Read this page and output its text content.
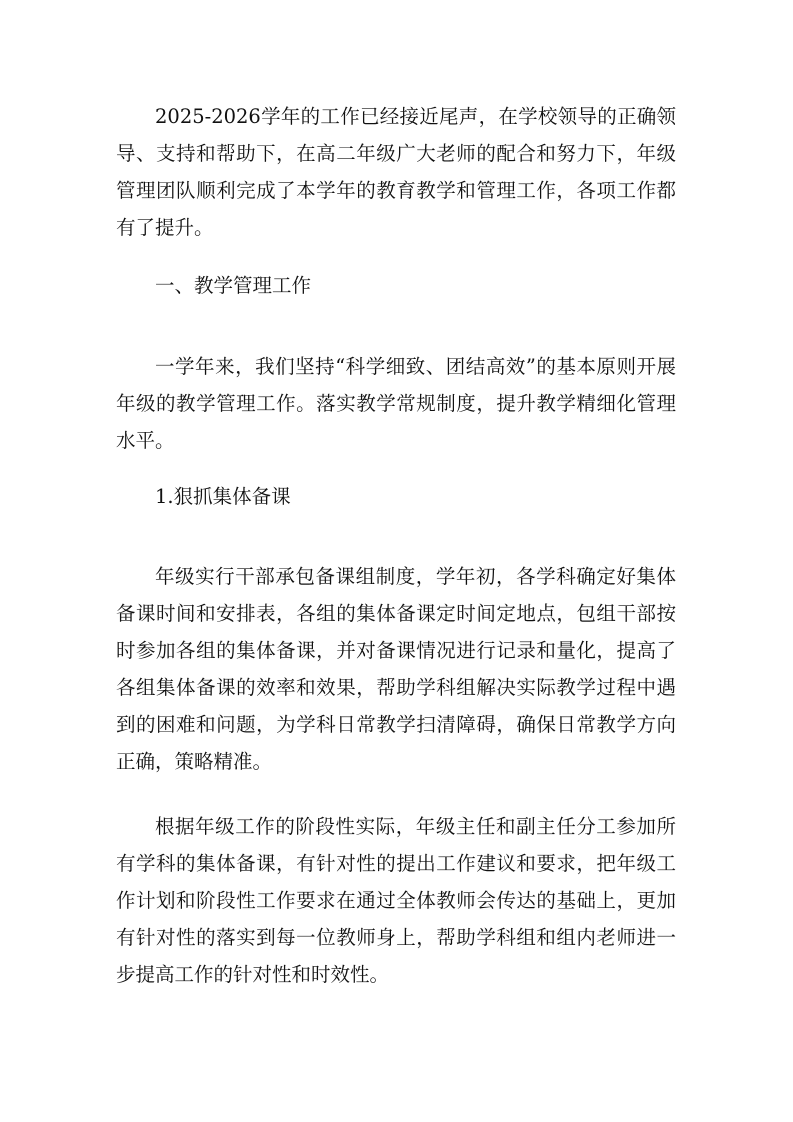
2025-2026学年的工作已经接近尾声，在学校领导的正确领导、支持和帮助下，在高二年级广大老师的配合和努力下，年级管理团队顺利完成了本学年的教育教学和管理工作，各项工作都有了提升。

一、教学管理工作

一学年来，我们坚持“科学细致、团结高效”的基本原则开展年级的教学管理工作。落实教学常规制度，提升教学精细化管理水平。

1.狠抓集体备课

年级实行干部承包备课组制度，学年初，各学科确定好集体备课时间和安排表，各组的集体备课定时间定地点，包组干部按时参加各组的集体备课，并对备课情况进行记录和量化，提高了各组集体备课的效率和效果，帮助学科组解决实际教学过程中遇到的困难和问题，为学科日常教学扫清障碍，确保日常教学方向正确，策略精准。

根据年级工作的阶段性实际，年级主任和副主任分工参加所有学科的集体备课，有针对性的提出工作建议和要求，把年级工作计划和阶段性工作要求在通过全体教师会传达的基础上，更加有针对性的落实到每一位教师身上，帮助学科组和组内老师进一步提高工作的针对性和时效性。
